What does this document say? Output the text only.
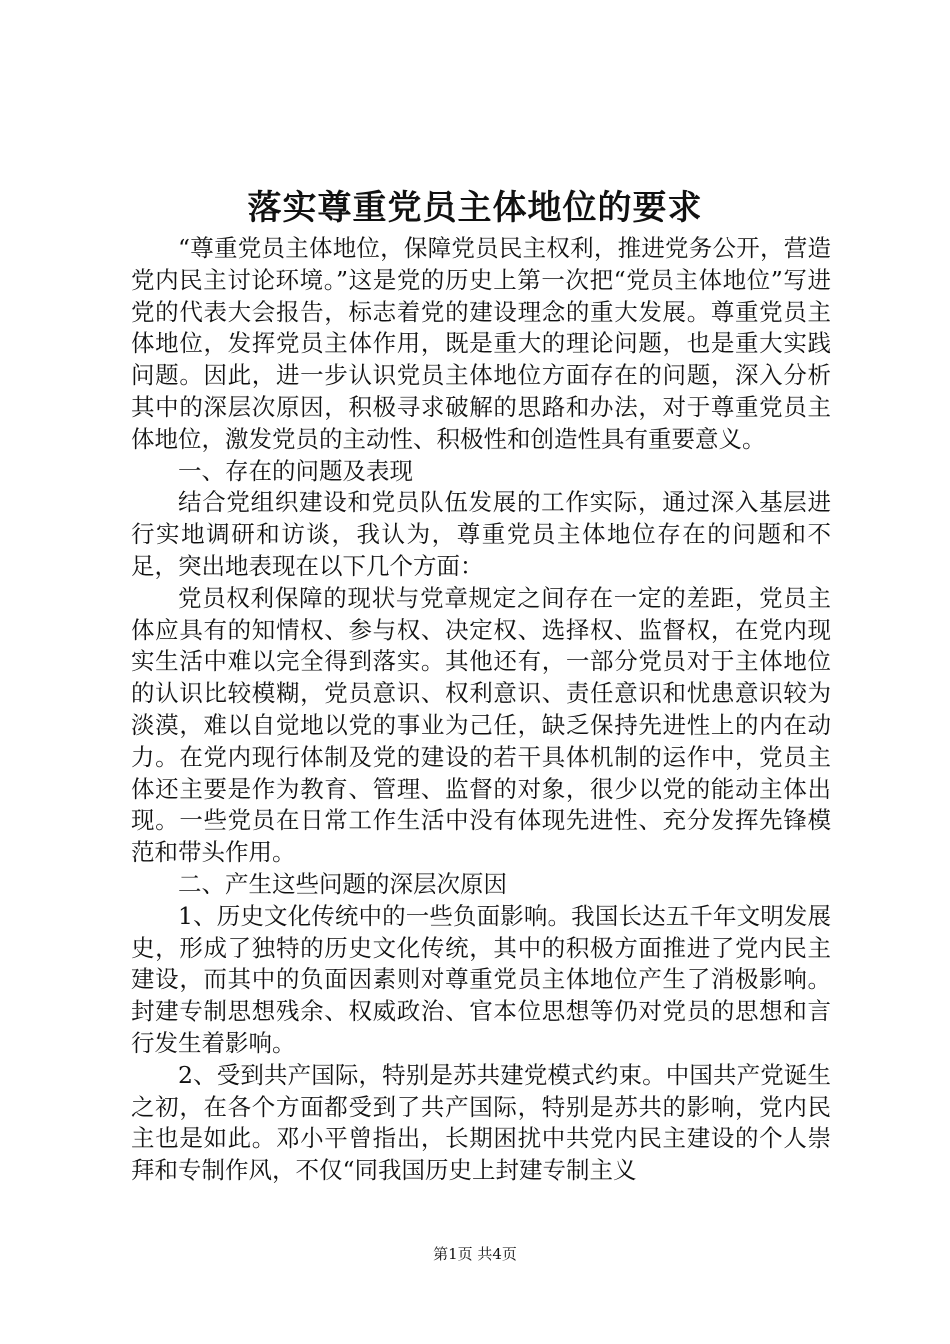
落实尊重党员主体地位的要求

“尊重党员主体地位，保障党员民主权利，推进党务公开，营造党内民主讨论环境。”这是党的历史上第一次把“党员主体地位”写进党的代表大会报告，标志着党的建设理念的重大发展。尊重党员主体地位，发挥党员主体作用，既是重大的理论问题，也是重大实践问题。因此，进一步认识党员主体地位方面存在的问题，深入分析其中的深层次原因，积极寻求破解的思路和办法，对于尊重党员主体地位，激发党员的主动性、积极性和创造性具有重要意义。

一、存在的问题及表现

结合党组织建设和党员队伍发展的工作实际，通过深入基层进行实地调研和访谈，我认为，尊重党员主体地位存在的问题和不足，突出地表现在以下几个方面：

党员权利保障的现状与党章规定之间存在一定的差距，党员主体应具有的知情权、参与权、决定权、选择权、监督权，在党内现实生活中难以完全得到落实。其他还有，一部分党员对于主体地位的认识比较模糊，党员意识、权利意识、责任意识和忧患意识较为淡漠，难以自觉地以党的事业为己任，缺乏保持先进性上的内在动力。在党内现行体制及党的建设的若干具体机制的运作中，党员主体还主要是作为教育、管理、监督的对象，很少以党的能动主体出现。一些党员在日常工作生活中没有体现先进性、充分发挥先锋模范和带头作用。

二、产生这些问题的深层次原因

1、历史文化传统中的一些负面影响。我国长达五千年文明发展史，形成了独特的历史文化传统，其中的积极方面推进了党内民主建设，而其中的负面因素则对尊重党员主体地位产生了消极影响。封建专制思想残余、权威政治、官本位思想等仍对党员的思想和言行发生着影响。

2、受到共产国际，特别是苏共建党模式约束。中国共产党诞生之初，在各个方面都受到了共产国际，特别是苏共的影响，党内民主也是如此。邓小平曾指出，长期困扰中共党内民主建设的个人崇拜和专制作风，不仅“同我国历史上封建专制主义

第1页 共4页
